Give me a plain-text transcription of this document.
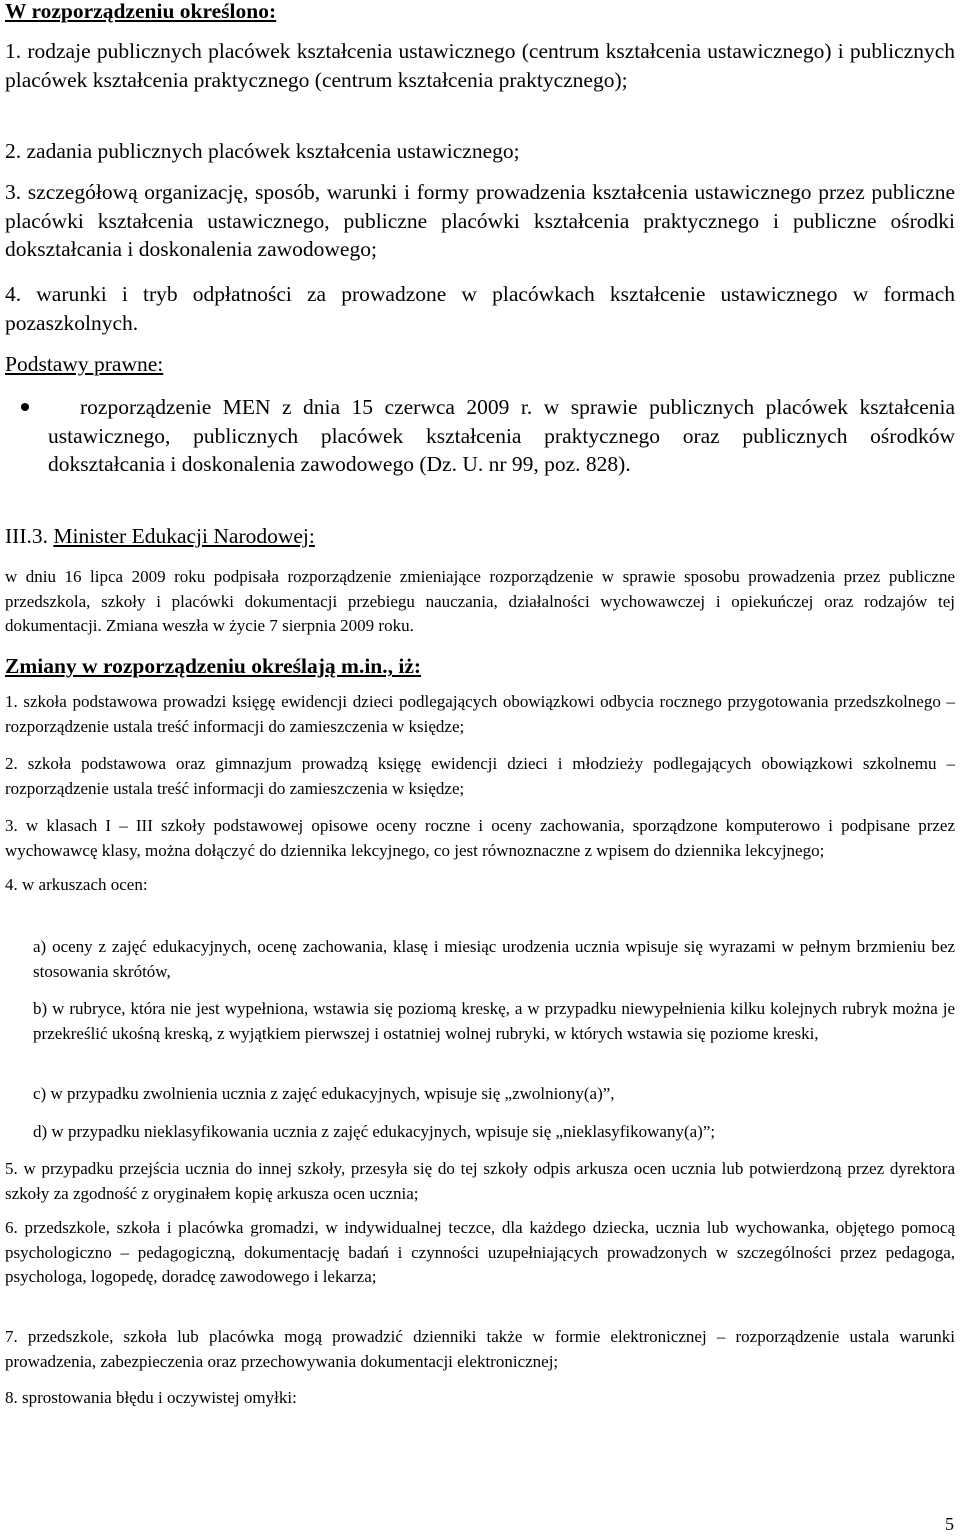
W rozporządzeniu określono:

1. rodzaje publicznych placówek kształcenia ustawicznego (centrum kształcenia ustawicznego) i publicznych placówek kształcenia praktycznego (centrum kształcenia praktycznego);

2. zadania publicznych placówek kształcenia ustawicznego;

3. szczegółową organizację, sposób, warunki i formy prowadzenia kształcenia ustawicznego przez publiczne placówki kształcenia ustawicznego, publiczne placówki kształcenia praktycznego i publiczne ośrodki dokształcania i doskonalenia zawodowego;

4. warunki i tryb odpłatności za prowadzone w placówkach kształcenie ustawicznego w formach pozaszkolnych.

Podstawy prawne:

rozporządzenie MEN z dnia 15 czerwca 2009 r. w sprawie publicznych placówek kształcenia ustawicznego, publicznych placówek kształcenia praktycznego oraz publicznych ośrodków dokształcania i doskonalenia zawodowego (Dz. U. nr 99, poz. 828).

III.3. Minister Edukacji Narodowej:

w dniu 16 lipca 2009 roku podpisała rozporządzenie zmieniające rozporządzenie w sprawie sposobu prowadzenia przez publiczne przedszkola, szkoły i placówki dokumentacji przebiegu nauczania, działalności wychowawczej i opiekuńczej oraz rodzajów tej dokumentacji. Zmiana weszła w życie 7 sierpnia 2009 roku.

Zmiany w rozporządzeniu określają m.in., iż:

1. szkoła podstawowa prowadzi księgę ewidencji dzieci podlegających obowiązkowi odbycia rocznego przygotowania przedszkolnego – rozporządzenie ustala treść informacji do zamieszczenia w księdze;

2. szkoła podstawowa oraz gimnazjum prowadzą księgę ewidencji dzieci i młodzieży podlegających obowiązkowi szkolnemu – rozporządzenie ustala treść informacji do zamieszczenia w księdze;

3. w klasach I – III szkoły podstawowej opisowe oceny roczne i oceny zachowania, sporządzone komputerowo i podpisane przez wychowawcę klasy, można dołączyć do dziennika lekcyjnego, co jest równoznaczne z wpisem do dziennika lekcyjnego;

4. w arkuszach ocen:

a) oceny z zajęć edukacyjnych, ocenę zachowania, klasę i miesiąc urodzenia ucznia wpisuje się wyrazami w pełnym brzmieniu bez stosowania skrótów,

b) w rubryce, która nie jest wypełniona, wstawia się poziomą kreskę, a w przypadku niewypełnienia kilku kolejnych rubryk można je przekreślić ukośną kreską, z wyjątkiem pierwszej i ostatniej wolnej rubryki, w których wstawia się poziome kreski,

c) w przypadku zwolnienia ucznia z zajęć edukacyjnych, wpisuje się „zwolniony(a)”,

d) w przypadku nieklasyfikowania ucznia z zajęć edukacyjnych, wpisuje się „nieklasyfikowany(a)”;

5. w przypadku przejścia ucznia do innej szkoły, przesyła się do tej szkoły odpis arkusza ocen ucznia lub potwierdzoną przez dyrektora szkoły za zgodność z oryginałem kopię arkusza ocen ucznia;

6. przedszkole, szkoła i placówka gromadzi, w indywidualnej teczce, dla każdego dziecka, ucznia lub wychowanka, objętego pomocą psychologiczno – pedagogiczną, dokumentację badań i czynności uzupełniających prowadzonych w szczególności przez pedagoga, psychologa, logopedę, doradcę zawodowego i lekarza;

7. przedszkole, szkoła lub placówka mogą prowadzić dzienniki także w formie elektronicznej – rozporządzenie ustala warunki prowadzenia, zabezpieczenia oraz przechowywania dokumentacji elektronicznej;

8. sprostowania błędu i oczywistej omyłki:

5
